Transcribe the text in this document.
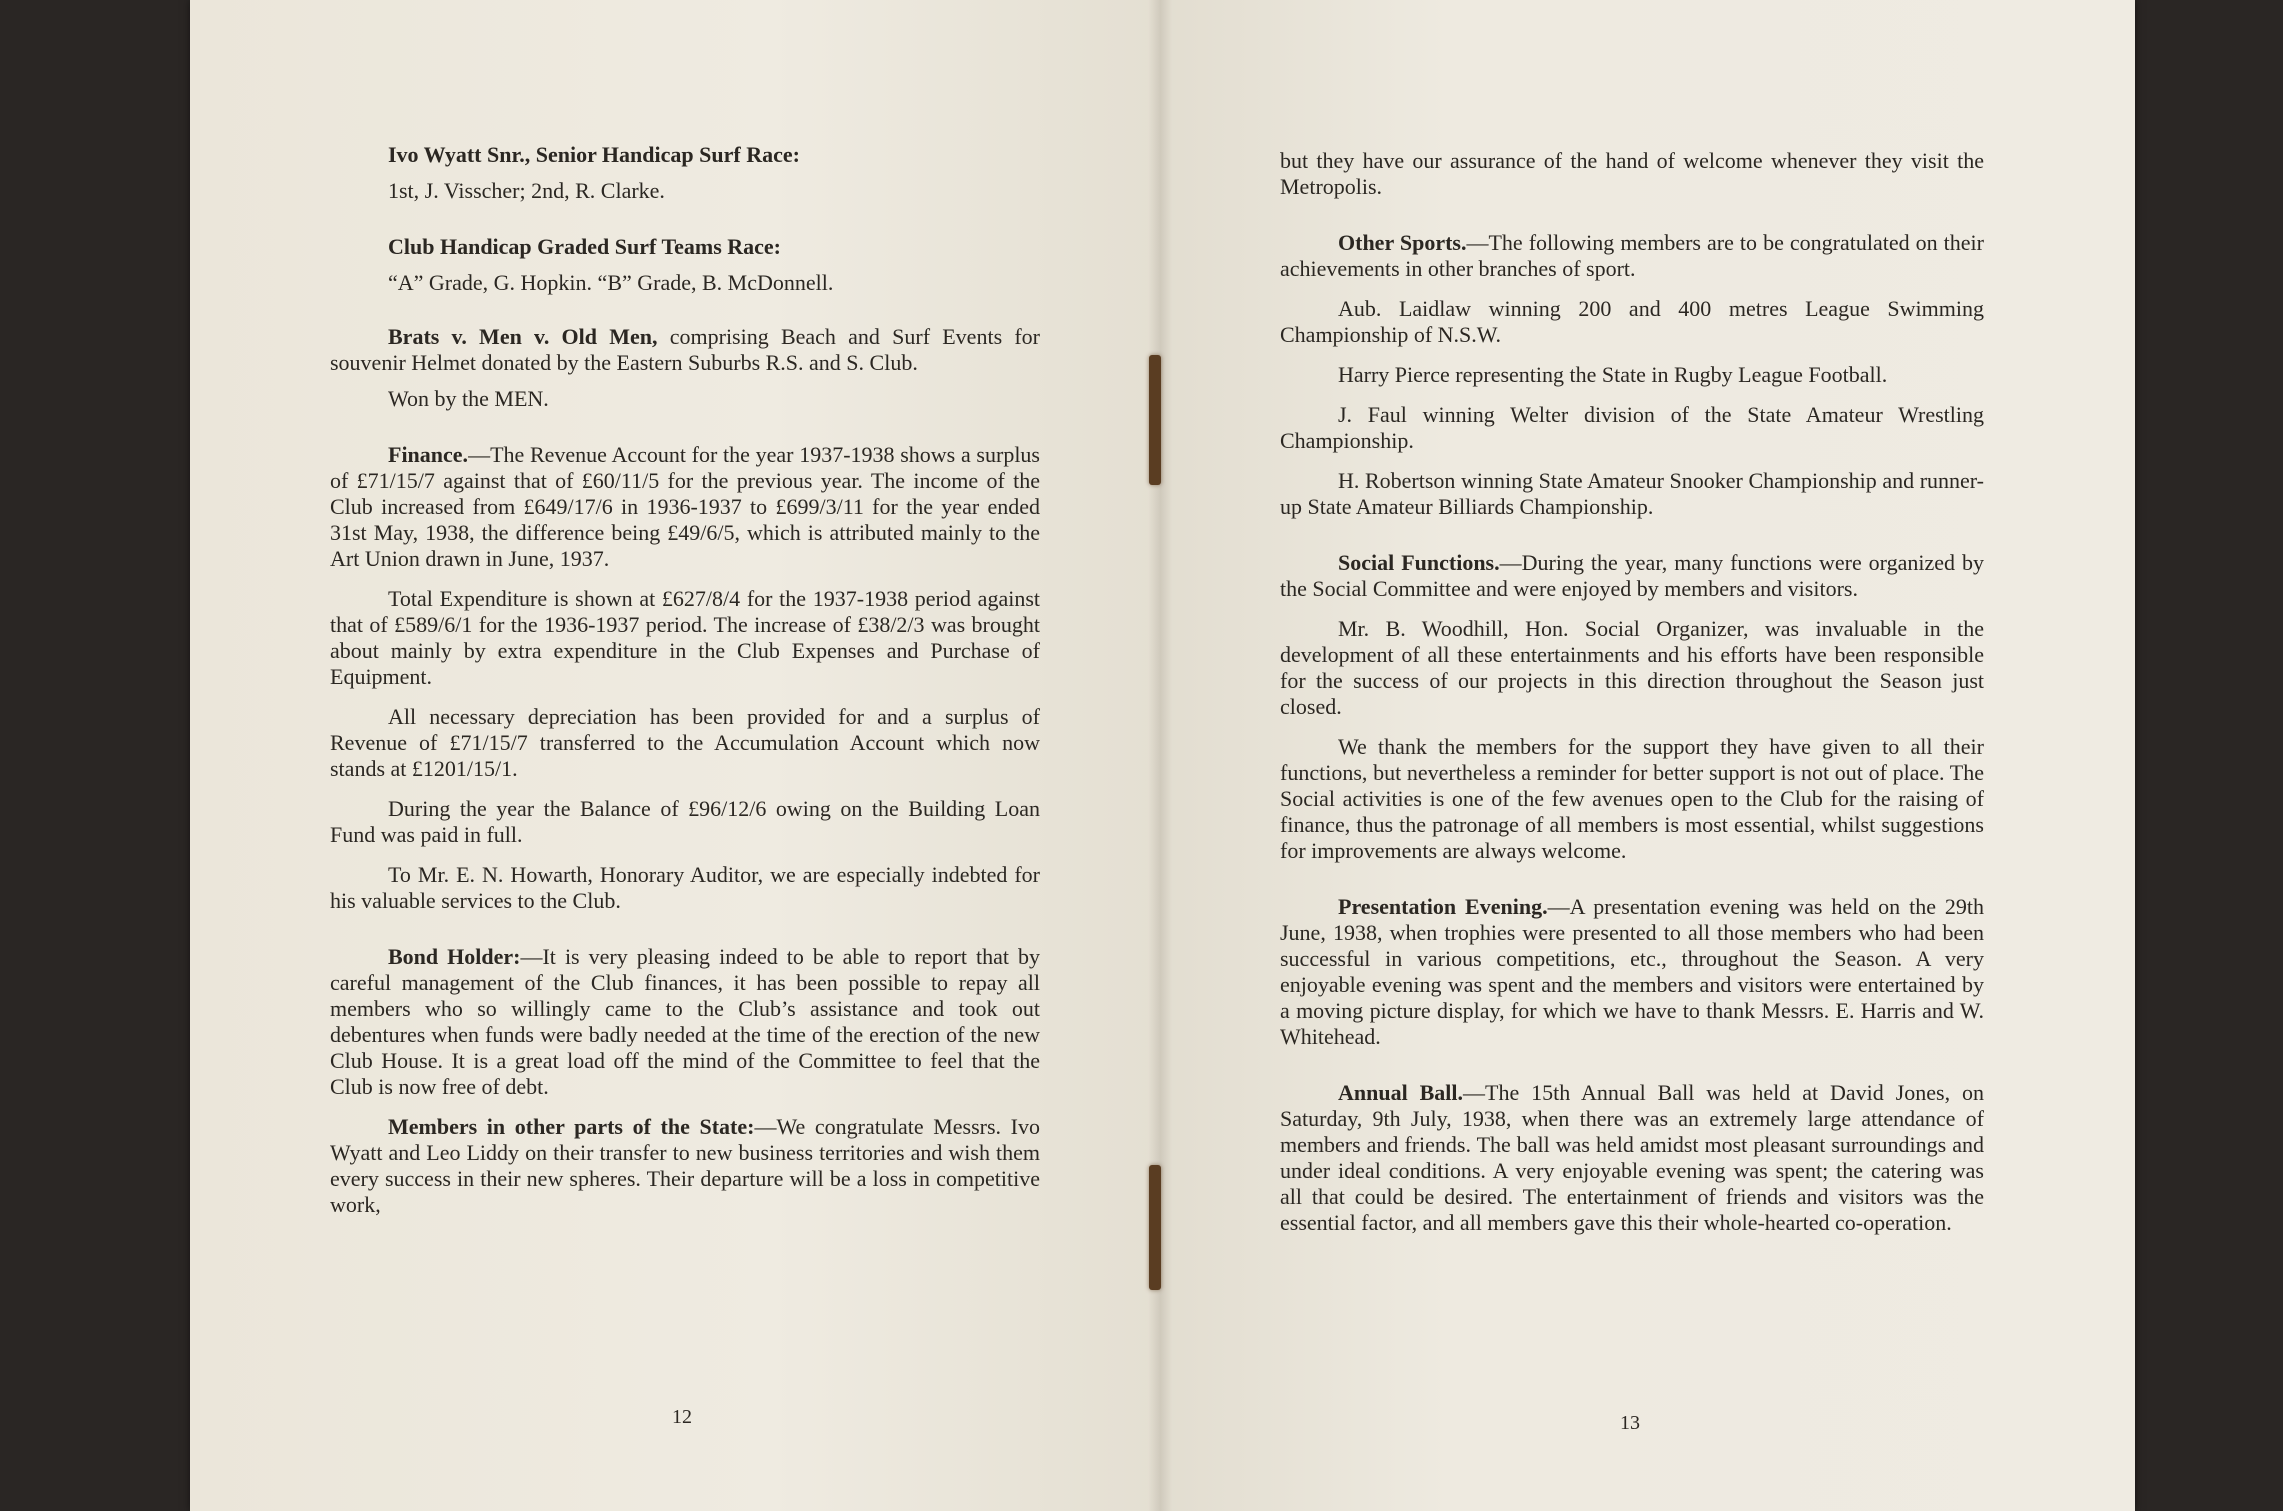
Ivo Wyatt Snr., Senior Handicap Surf Race:

1st, J. Visscher; 2nd, R. Clarke.

Club Handicap Graded Surf Teams Race:

“A” Grade, G. Hopkin. “B” Grade, B. McDonnell.

Brats v. Men v. Old Men, comprising Beach and Surf Events for souvenir Helmet donated by the Eastern Suburbs R.S. and S. Club.

Won by the MEN.

Finance.—The Revenue Account for the year 1937-1938 shows a surplus of £71/15/7 against that of £60/11/5 for the previous year. The income of the Club increased from £649/17/6 in 1936-1937 to £699/3/11 for the year ended 31st May, 1938, the difference being £49/6/5, which is attributed mainly to the Art Union drawn in June, 1937.

Total Expenditure is shown at £627/8/4 for the 1937-1938 period against that of £589/6/1 for the 1936-1937 period. The increase of £38/2/3 was brought about mainly by extra expenditure in the Club Expenses and Purchase of Equipment.

All necessary depreciation has been provided for and a surplus of Revenue of £71/15/7 transferred to the Accumulation Account which now stands at £1201/15/1.

During the year the Balance of £96/12/6 owing on the Building Loan Fund was paid in full.

To Mr. E. N. Howarth, Honorary Auditor, we are especially indebted for his valuable services to the Club.

Bond Holder:—It is very pleasing indeed to be able to report that by careful management of the Club finances, it has been possible to repay all members who so willingly came to the Club’s assistance and took out debentures when funds were badly needed at the time of the erection of the new Club House. It is a great load off the mind of the Committee to feel that the Club is now free of debt.

Members in other parts of the State:—We congratulate Messrs. Ivo Wyatt and Leo Liddy on their transfer to new business territories and wish them every success in their new spheres. Their departure will be a loss in competitive work,

12

but they have our assurance of the hand of welcome whenever they visit the Metropolis.

Other Sports.—The following members are to be congratulated on their achievements in other branches of sport.

Aub. Laidlaw winning 200 and 400 metres League Swimming Championship of N.S.W.

Harry Pierce representing the State in Rugby League Football.

J. Faul winning Welter division of the State Amateur Wrestling Championship.

H. Robertson winning State Amateur Snooker Championship and runner-up State Amateur Billiards Championship.

Social Functions.—During the year, many functions were organized by the Social Committee and were enjoyed by members and visitors.

Mr. B. Woodhill, Hon. Social Organizer, was invaluable in the development of all these entertainments and his efforts have been responsible for the success of our projects in this direction throughout the Season just closed.

We thank the members for the support they have given to all their functions, but nevertheless a reminder for better support is not out of place. The Social activities is one of the few avenues open to the Club for the raising of finance, thus the patronage of all members is most essential, whilst suggestions for improvements are always welcome.

Presentation Evening.—A presentation evening was held on the 29th June, 1938, when trophies were presented to all those members who had been successful in various competitions, etc., throughout the Season. A very enjoyable evening was spent and the members and visitors were entertained by a moving picture display, for which we have to thank Messrs. E. Harris and W. Whitehead.

Annual Ball.—The 15th Annual Ball was held at David Jones, on Saturday, 9th July, 1938, when there was an extremely large attendance of members and friends. The ball was held amidst most pleasant surroundings and under ideal conditions. A very enjoyable evening was spent; the catering was all that could be desired. The entertainment of friends and visitors was the essential factor, and all members gave this their whole-hearted co-operation.

13
